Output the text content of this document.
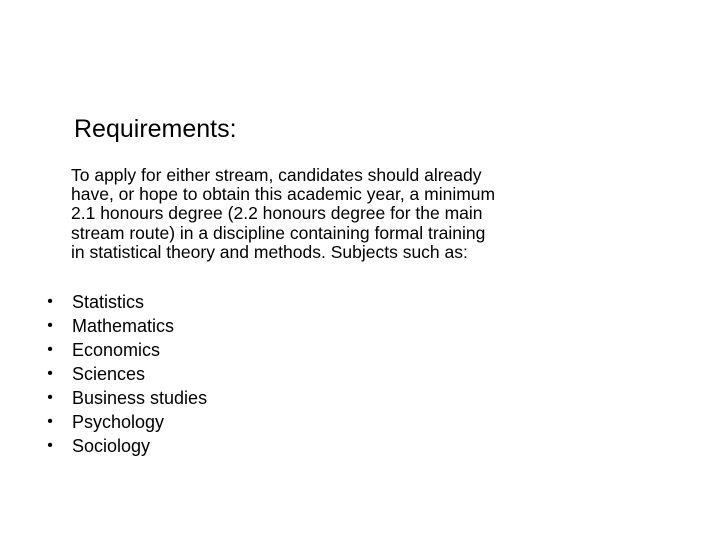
Requirements:

To apply for either stream, candidates should already
have, or hope to obtain this academic year, a minimum
2.1 honours degree (2.2 honours degree for the main
stream route) in a discipline containing formal training
in statistical theory and methods. Subjects such as:

• Statistics
• Mathematics
• Economics
• Sciences
• Business studies
• Psychology
• Sociology
